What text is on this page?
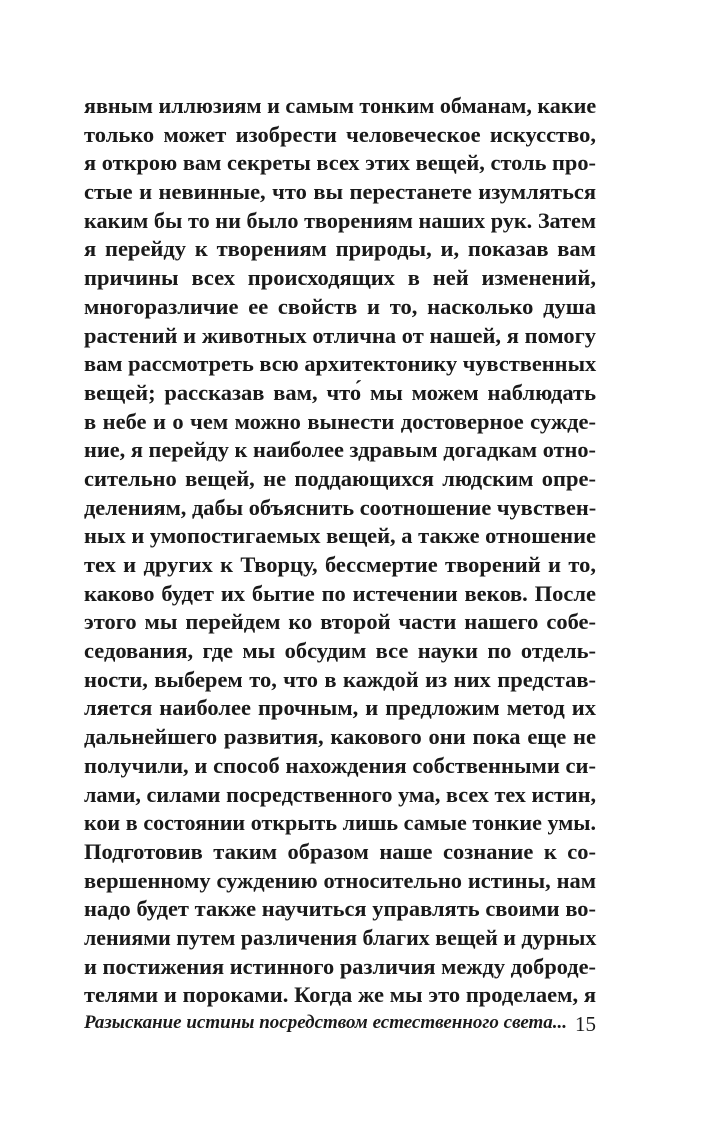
явным иллюзиям и самым тонким обманам, какие
только может изобрести человеческое искусство,
я открою вам секреты всех этих вещей, столь про-
стые и невинные, что вы перестанете изумляться
каким бы то ни было творениям наших рук. Затем
я перейду к творениям природы, и, показав вам
причины всех происходящих в ней изменений,
многоразличие ее свойств и то, насколько душа
растений и животных отлична от нашей, я помогу
вам рассмотреть всю архитектонику чувственных
вещей; рассказав вам, что́ мы можем наблюдать
в небе и о чем можно вынести достоверное сужде-
ние, я перейду к наиболее здравым догадкам отно-
сительно вещей, не поддающихся людским опре-
делениям, дабы объяснить соотношение чувствен-
ных и умопостигаемых вещей, а также отношение
тех и других к Творцу, бессмертие творений и то,
каково будет их бытие по истечении веков. После
этого мы перейдем ко второй части нашего собе-
седования, где мы обсудим все науки по отдель-
ности, выберем то, что в каждой из них представ-
ляется наиболее прочным, и предложим метод их
дальнейшего развития, какового они пока еще не
получили, и способ нахождения собственными си-
лами, силами посредственного ума, всех тех истин,
кои в состоянии открыть лишь самые тонкие умы.
Подготовив таким образом наше сознание к со-
вершенному суждению относительно истины, нам
надо будет также научиться управлять своими во-
лениями путем различения благих вещей и дурных
и постижения истинного различия между доброде-
телями и пороками. Когда же мы это проделаем, я
Разыскание истины посредством естественного света... 15
